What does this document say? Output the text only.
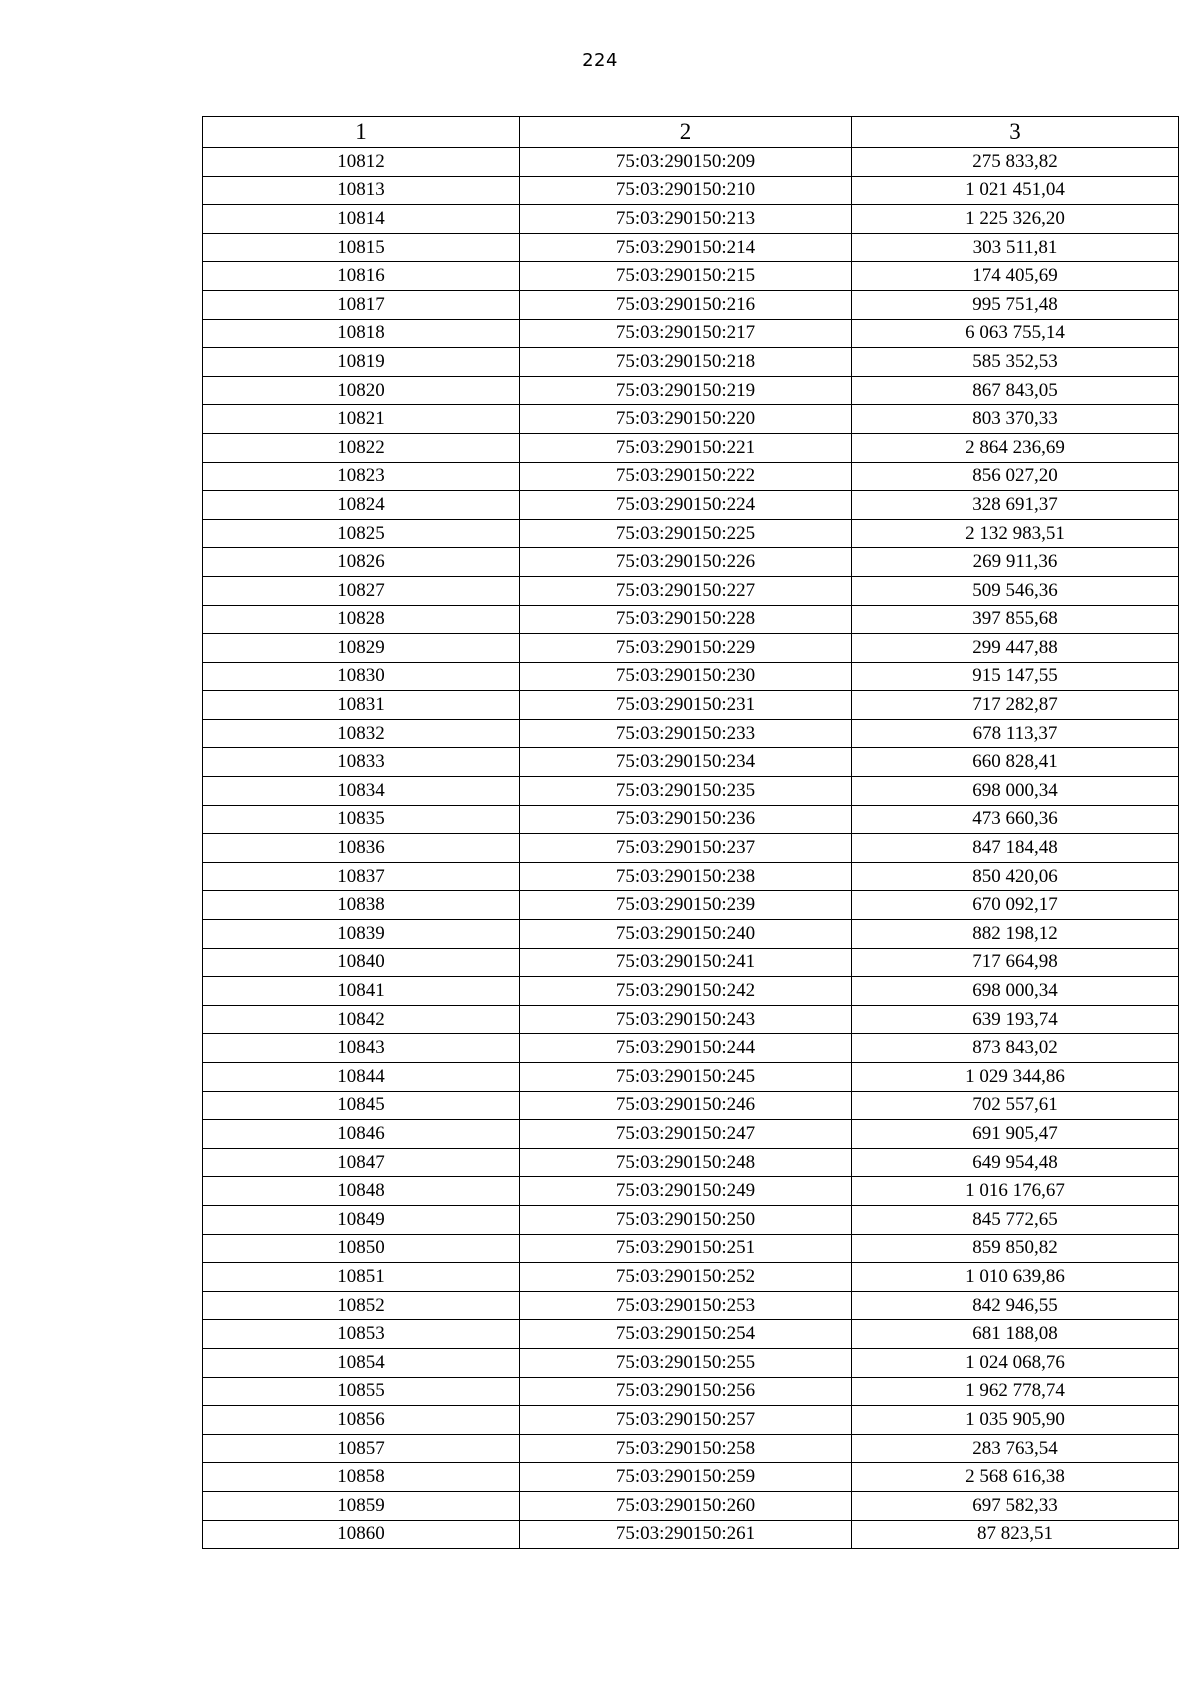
224
1	2	3
10812	75:03:290150:209	275 833,82
10813	75:03:290150:210	1 021 451,04
10814	75:03:290150:213	1 225 326,20
10815	75:03:290150:214	303 511,81
10816	75:03:290150:215	174 405,69
10817	75:03:290150:216	995 751,48
10818	75:03:290150:217	6 063 755,14
10819	75:03:290150:218	585 352,53
10820	75:03:290150:219	867 843,05
10821	75:03:290150:220	803 370,33
10822	75:03:290150:221	2 864 236,69
10823	75:03:290150:222	856 027,20
10824	75:03:290150:224	328 691,37
10825	75:03:290150:225	2 132 983,51
10826	75:03:290150:226	269 911,36
10827	75:03:290150:227	509 546,36
10828	75:03:290150:228	397 855,68
10829	75:03:290150:229	299 447,88
10830	75:03:290150:230	915 147,55
10831	75:03:290150:231	717 282,87
10832	75:03:290150:233	678 113,37
10833	75:03:290150:234	660 828,41
10834	75:03:290150:235	698 000,34
10835	75:03:290150:236	473 660,36
10836	75:03:290150:237	847 184,48
10837	75:03:290150:238	850 420,06
10838	75:03:290150:239	670 092,17
10839	75:03:290150:240	882 198,12
10840	75:03:290150:241	717 664,98
10841	75:03:290150:242	698 000,34
10842	75:03:290150:243	639 193,74
10843	75:03:290150:244	873 843,02
10844	75:03:290150:245	1 029 344,86
10845	75:03:290150:246	702 557,61
10846	75:03:290150:247	691 905,47
10847	75:03:290150:248	649 954,48
10848	75:03:290150:249	1 016 176,67
10849	75:03:290150:250	845 772,65
10850	75:03:290150:251	859 850,82
10851	75:03:290150:252	1 010 639,86
10852	75:03:290150:253	842 946,55
10853	75:03:290150:254	681 188,08
10854	75:03:290150:255	1 024 068,76
10855	75:03:290150:256	1 962 778,74
10856	75:03:290150:257	1 035 905,90
10857	75:03:290150:258	283 763,54
10858	75:03:290150:259	2 568 616,38
10859	75:03:290150:260	697 582,33
10860	75:03:290150:261	87 823,51
